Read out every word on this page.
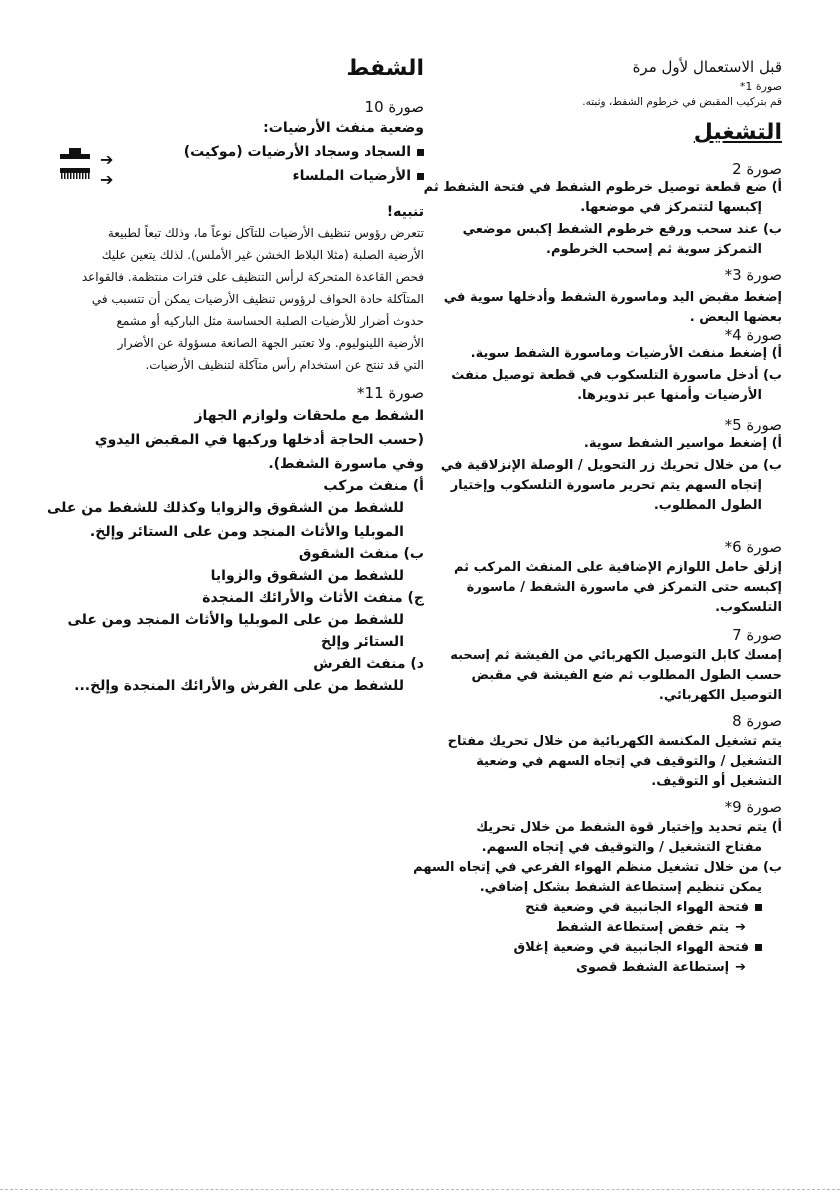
قبل الاستعمال لأول مرة
صورة 1*
قم بتركيب المقبض في خرطوم الشفط، وثبته.
التشغيل
صورة 2
أ) ضع قطعة توصيل خرطوم الشفط في فتحة الشفط ثم
إكبسها لتتمركز في موضعها.
ب) عند سحب ورفع خرطوم الشفط إكبس موضعي
التمركز سوية ثم إسحب الخرطوم.
صورة 3*
إضغط مقبض اليد وماسورة الشفط وأدخلها سوية في
بعضها البعض .
صورة 4*
أ) إضغط منفث الأرضيات وماسورة الشفط سوية.
ب) أدخل ماسورة التلسكوب في قطعة توصيل منفث
الأرضيات وأمنها عبر تدويرها.
صورة 5*
أ) إضغط مواسير الشفط سوية.
ب) من خلال تحريك زر التحويل / الوصلة الإنزلاقية في
إتجاه السهم يتم تحرير ماسورة التلسكوب وإختيار
الطول المطلوب.
صورة 6*
إزلق حامل اللوازم الإضافية على المنفث المركب ثم
إكبسه حتى التمركز في ماسورة الشفط / ماسورة
التلسكوب.
صورة 7
إمسك كابل التوصيل الكهربائي من الفيشة ثم إسحبه
حسب الطول المطلوب ثم ضع الفيشة في مقبض
التوصيل الكهربائي.
صورة 8
يتم تشغيل المكنسة الكهربائية من خلال تحريك مفتاح
التشغيل / والتوقيف في إتجاه السهم في وضعية
التشغيل أو التوقيف.
صورة 9*
أ) يتم تحديد وإختيار قوة الشفط من خلال تحريك
مفتاح التشغيل / والتوقيف في إتجاه السهم.
ب) من خلال تشغيل منظم الهواء الفرعي في إتجاه السهم
يمكن تنظيم إستطاعة الشفط بشكل إضافي.
فتحة الهواء الجانبية في وضعية فتح
➔يتم خفض إستطاعة الشفط
فتحة الهواء الجانبية في وضعية إغلاق
➔إستطاعة الشفط قصوى
الشفط
صورة 10
وضعية منفث الأرضيات:
السجاد وسجاد الأرضيات (موكيت)
➔
الأرضيات الملساء
➔
تنبيه!
تتعرض رؤوس تنظيف الأرضيات للتآكل نوعاً ما، وذلك تبعاً لطبيعة
الأرضية الصلبة (مثلا البلاط الخشن غير الأملس). لذلك يتعين عليك
فحص القاعدة المتحركة لرأس التنظيف على فترات منتظمة. فالقواعد
المتآكلة حادة الحواف لرؤوس تنظيف الأرضيات يمكن أن تتسبب في
حدوث أضرار للأرضيات الصلبة الحساسة مثل الباركيه أو مشمع
الأرضية اللينوليوم. ولا تعتبر الجهة الصانعة مسؤولة عن الأضرار
التي قد تنتج عن استخدام رأس متآكلة لتنظيف الأرضيات.
صورة 11*
الشفط مع ملحقات ولوازم الجهاز
(حسب الحاجة أدخلها وركبها في المقبض اليدوي
وفي ماسورة الشفط).
أ) منفث مركب
للشفط من الشقوق والزوايا وكذلك للشفط من على
الموبليا والأثاث المنجد ومن على الستائر وإلخ.
ب) منفث الشقوق
للشفط من الشقوق والزوايا
ج) منفث الأثاث والأرائك المنجدة
للشفط من على الموبليا والأثاث المنجد ومن على
الستائر وإلخ
د) منفث الفرش
للشفط من على الفرش والأرائك المنجدة وإلخ...
